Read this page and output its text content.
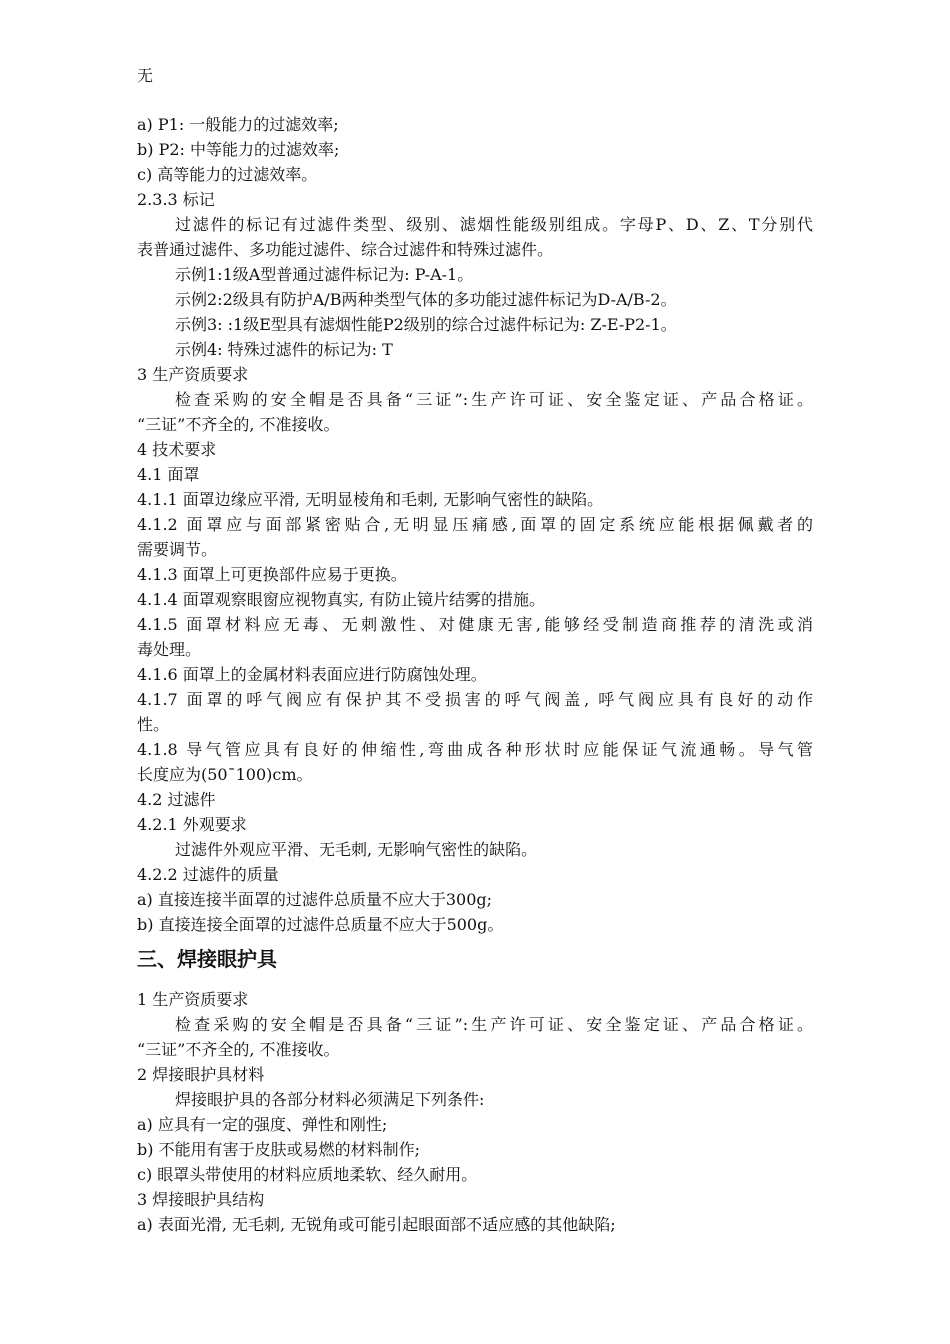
无
a) P1: 一般能力的过滤效率;
b) P2: 中等能力的过滤效率;
c) 高等能力的过滤效率。
2.3.3 标记
过滤件的标记有过滤件类型、级别、滤烟性能级别组成。字母P、D、Z、T分别代
表普通过滤件、多功能过滤件、综合过滤件和特殊过滤件。
示例1:1级A型普通过滤件标记为: P-A-1。
示例2:2级具有防护A/B两种类型气体的多功能过滤件标记为D-A/B-2。
示例3: :1级E型具有滤烟性能P2级别的综合过滤件标记为: Z-E-P2-1。
示例4: 特殊过滤件的标记为: T
3 生产资质要求
检查采购的安全帽是否具备“三证”:生产许可证、安全鉴定证、产品合格证。
“三证”不齐全的, 不准接收。
4 技术要求
4.1 面罩
4.1.1 面罩边缘应平滑, 无明显棱角和毛刺, 无影响气密性的缺陷。
4.1.2 面罩应与面部紧密贴合,无明显压痛感,面罩的固定系统应能根据佩戴者的
需要调节。
4.1.3 面罩上可更换部件应易于更换。
4.1.4 面罩观察眼窗应视物真实, 有防止镜片结雾的措施。
4.1.5 面罩材料应无毒、无刺激性、对健康无害,能够经受制造商推荐的清洗或消
毒处理。
4.1.6 面罩上的金属材料表面应进行防腐蚀处理。
4.1.7 面罩的呼气阀应有保护其不受损害的呼气阀盖, 呼气阀应具有良好的动作
性。
4.1.8 导气管应具有良好的伸缩性,弯曲成各种形状时应能保证气流通畅。导气管
长度应为(50¯100)cm。
4.2 过滤件
4.2.1 外观要求
过滤件外观应平滑、无毛刺, 无影响气密性的缺陷。
4.2.2 过滤件的质量
a) 直接连接半面罩的过滤件总质量不应大于300g;
b) 直接连接全面罩的过滤件总质量不应大于500g。
三、焊接眼护具
1 生产资质要求
检查采购的安全帽是否具备“三证”:生产许可证、安全鉴定证、产品合格证。
“三证”不齐全的, 不准接收。
2 焊接眼护具材料
焊接眼护具的各部分材料必须满足下列条件:
a) 应具有一定的强度、弹性和刚性;
b) 不能用有害于皮肤或易燃的材料制作;
c) 眼罩头带使用的材料应质地柔软、经久耐用。
3 焊接眼护具结构
a) 表面光滑, 无毛刺, 无锐角或可能引起眼面部不适应感的其他缺陷;
